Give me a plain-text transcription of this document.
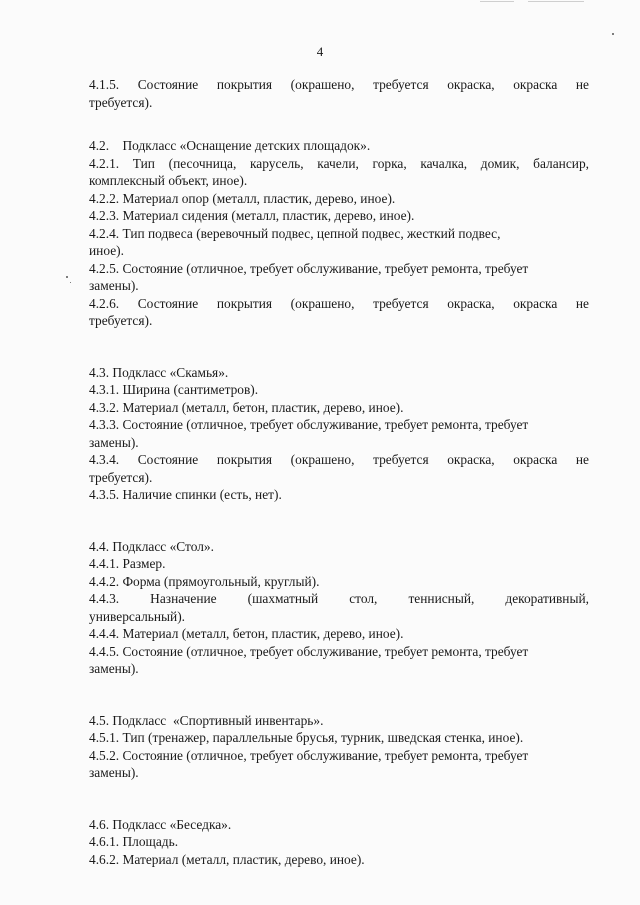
4
4.1.5. Состояние покрытия (окрашено, требуется окраска, окраска не
требуется).
4.2.    Подкласс «Оснащение детских площадок».
4.2.1. Тип (песочница, карусель, качели, горка, качалка, домик, балансир,
комплексный объект, иное).
4.2.2. Материал опор (металл, пластик, дерево, иное).
4.2.3. Материал сидения (металл, пластик, дерево, иное).
4.2.4. Тип подвеса (веревочный подвес, цепной подвес, жесткий подвес,
иное).
4.2.5. Состояние (отличное, требует обслуживание, требует ремонта, требует
замены).
4.2.6. Состояние покрытия (окрашено, требуется окраска, окраска не
требуется).
4.3. Подкласс «Скамья».
4.3.1. Ширина (сантиметров).
4.3.2. Материал (металл, бетон, пластик, дерево, иное).
4.3.3. Состояние (отличное, требует обслуживание, требует ремонта, требует
замены).
4.3.4. Состояние покрытия (окрашено, требуется окраска, окраска не
требуется).
4.3.5. Наличие спинки (есть, нет).
4.4. Подкласс «Стол».
4.4.1. Размер.
4.4.2. Форма (прямоугольный, круглый).
4.4.3. Назначение (шахматный стол, теннисный, декоративный,
универсальный).
4.4.4. Материал (металл, бетон, пластик, дерево, иное).
4.4.5. Состояние (отличное, требует обслуживание, требует ремонта, требует
замены).
4.5. Подкласс  «Спортивный инвентарь».
4.5.1. Тип (тренажер, параллельные брусья, турник, шведская стенка, иное).
4.5.2. Состояние (отличное, требует обслуживание, требует ремонта, требует
замены).
4.6. Подкласс «Беседка».
4.6.1. Площадь.
4.6.2. Материал (металл, пластик, дерево, иное).
